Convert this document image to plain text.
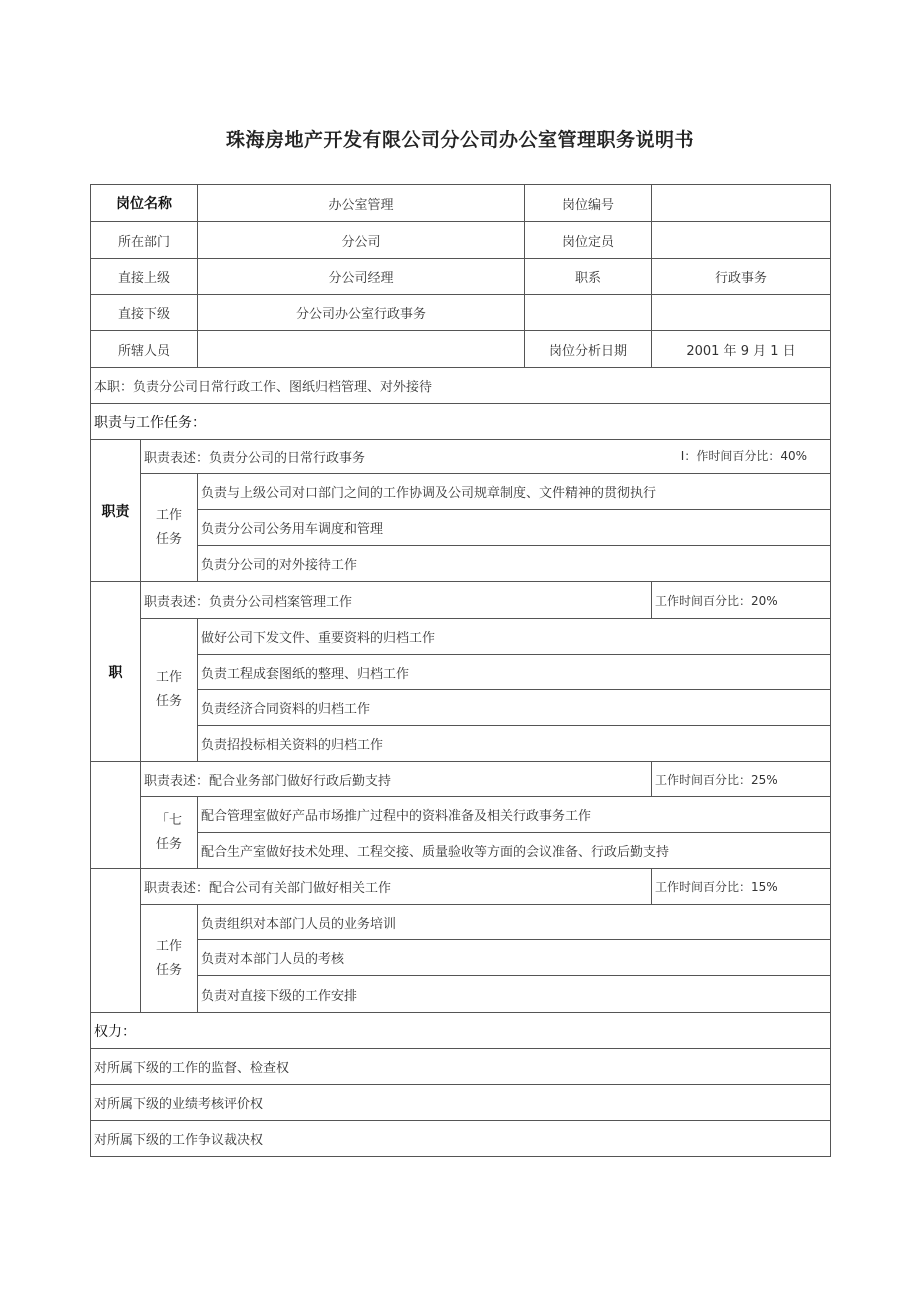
珠海房地产开发有限公司分公司办公室管理职务说明书
岗位名称		办公室管理	岗位编号	
所在部门		分公司	岗位定员	
直接上级		分公司经理	职系	行政事务
直接下级		分公司办公室行政事务		
所辖人员			岗位分析日期	2001 年 9 月 1 日
本职：负责分公司日常行政工作、图纸归档管理、对外接待				
职责与工作任务：				
职责	职责表述：负责分公司的日常行政事务 I：作时间百分比：40%			

	工作
任务	负责与上级公司对口部门之间的工作协调及公司规章制度、文件精神的贯彻执行		
		负责分公司公务用车调度和管理		
		负责分公司的对外接待工作		
职	职责表述：负责分公司档案管理工作			工作时间百分比：20%
	工作
任务	做好公司下发文件、重要资料的归档工作		
		负责工程成套图纸的整理、归档工作		
		负责经济合同资料的归档工作		
		负责招投标相关资料的归档工作		
	职责表述：配合业务部门做好行政后勤支持			工作时间百分比：25%
	「七
任务	配合管理室做好产品市场推广过程中的资料准备及相关行政事务工作		
		配合生产室做好技术处理、工程交接、质量验收等方面的会议准备、行政后勤支持		
	职责表述：配合公司有关部门做好相关工作			工作时间百分比：15%
	工作
任务	负责组织对本部门人员的业务培训		
		负责对本部门人员的考核		
		负责对直接下级的工作安排		
权力：				
对所属下级的工作的监督、检查权				
对所属下级的业绩考核评价权				
对所属下级的工作争议裁决权				
